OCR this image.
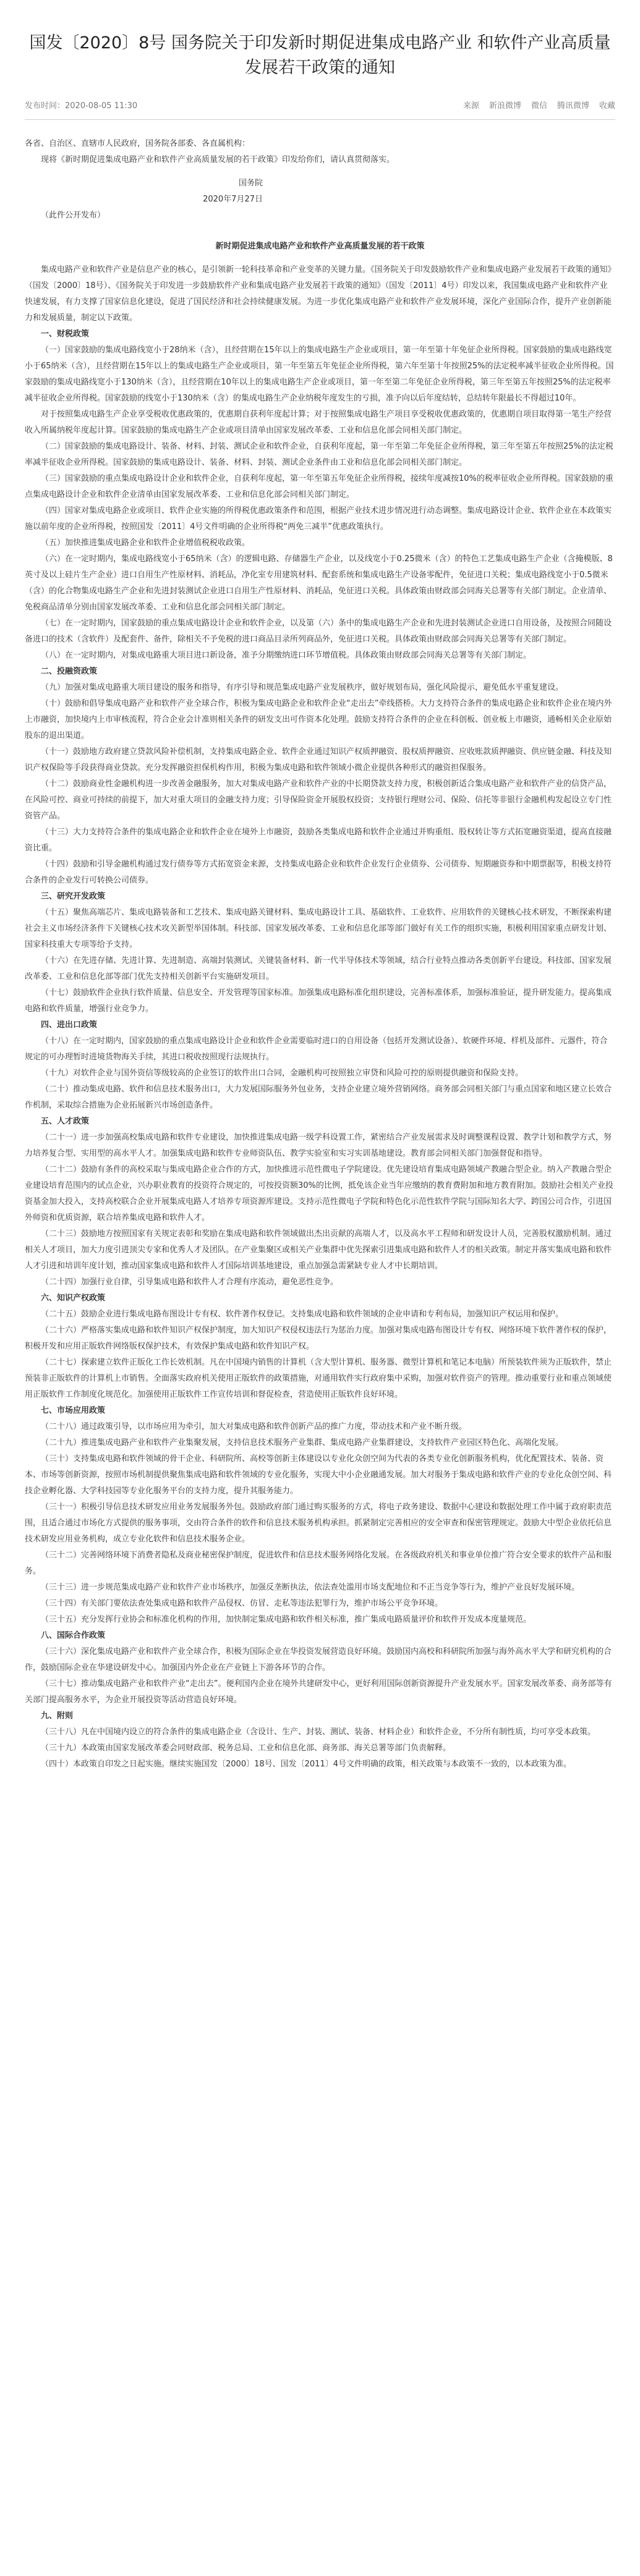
国发〔2020〕8号 国务院关于印发新时期促进集成电路产业 和软件产业高质量发展若干政策的通知
发布时间：2020-08-05 11:30	来源 新浪微博 微信 腾讯微博 收藏

各省、自治区、直辖市人民政府，国务院各部委、各直属机构：

现将《新时期促进集成电路产业和软件产业高质量发展的若干政策》印发给你们，请认真贯彻落实。

国务院

2020年7月27日

（此件公开发布）

新时期促进集成电路产业和软件产业高质量发展的若干政策

集成电路产业和软件产业是信息产业的核心，是引领新一轮科技革命和产业变革的关键力量。《国务院关于印发鼓励软件产业和集成电路产业发展若干政策的通知》（国发〔2000〕18号）、《国务院关于印发进一步鼓励软件产业和集成电路产业发展若干政策的通知》（国发〔2011〕4号）印发以来，我国集成电路产业和软件产业快速发展，有力支撑了国家信息化建设，促进了国民经济和社会持续健康发展。为进一步优化集成电路产业和软件产业发展环境，深化产业国际合作，提升产业创新能力和发展质量，制定以下政策。

一、财税政策

（一）国家鼓励的集成电路线宽小于28纳米（含），且经营期在15年以上的集成电路生产企业或项目，第一年至第十年免征企业所得税。国家鼓励的集成电路线宽小于65纳米（含），且经营期在15年以上的集成电路生产企业或项目，第一年至第五年免征企业所得税，第六年至第十年按照25%的法定税率减半征收企业所得税。国家鼓励的集成电路线宽小于130纳米（含），且经营期在10年以上的集成电路生产企业或项目，第一年至第二年免征企业所得税，第三年至第五年按照25%的法定税率减半征收企业所得税。国家鼓励的线宽小于130纳米（含）的集成电路生产企业纳税年度发生的亏损，准予向以后年度结转，总结转年限最长不得超过10年。

对于按照集成电路生产企业享受税收优惠政策的，优惠期自获利年度起计算；对于按照集成电路生产项目享受税收优惠政策的，优惠期自项目取得第一笔生产经营收入所属纳税年度起计算。国家鼓励的集成电路生产企业或项目清单由国家发展改革委、工业和信息化部会同相关部门制定。

（二）国家鼓励的集成电路设计、装备、材料、封装、测试企业和软件企业，自获利年度起，第一年至第二年免征企业所得税，第三年至第五年按照25%的法定税率减半征收企业所得税。国家鼓励的集成电路设计、装备、材料、封装、测试企业条件由工业和信息化部会同相关部门制定。

（三）国家鼓励的重点集成电路设计企业和软件企业，自获利年度起，第一年至第五年免征企业所得税，接续年度减按10%的税率征收企业所得税。国家鼓励的重点集成电路设计企业和软件企业清单由国家发展改革委、工业和信息化部会同相关部门制定。

（四）国家对集成电路企业或项目、软件企业实施的所得税优惠政策条件和范围，根据产业技术进步情况进行动态调整。集成电路设计企业、软件企业在本政策实施以前年度的企业所得税，按照国发〔2011〕4号文件明确的企业所得税“两免三减半”优惠政策执行。

（五）加快推进集成电路企业和软件企业增值税税收政策。

（六）在一定时期内，集成电路线宽小于65纳米（含）的逻辑电路、存储器生产企业，以及线宽小于0.25微米（含）的特色工艺集成电路生产企业（含掩模版、8英寸及以上硅片生产企业）进口自用生产性原材料、消耗品，净化室专用建筑材料、配套系统和集成电路生产设备零配件，免征进口关税；集成电路线宽小于0.5微米（含）的化合物集成电路生产企业和先进封装测试企业进口自用生产性原材料、消耗品，免征进口关税。具体政策由财政部会同海关总署等有关部门制定。企业清单、免税商品清单分别由国家发展改革委、工业和信息化部会同相关部门制定。

（七）在一定时期内，国家鼓励的重点集成电路设计企业和软件企业，以及第（六）条中的集成电路生产企业和先进封装测试企业进口自用设备，及按照合同随设备进口的技术（含软件）及配套件、备件，除相关不予免税的进口商品目录所列商品外，免征进口关税。具体政策由财政部会同海关总署等有关部门制定。

（八）在一定时期内，对集成电路重大项目进口新设备，准予分期缴纳进口环节增值税。具体政策由财政部会同海关总署等有关部门制定。

二、投融资政策

（九）加强对集成电路重大项目建设的服务和指导，有序引导和规范集成电路产业发展秩序，做好规划布局，强化风险提示，避免低水平重复建设。

（十）鼓励和倡导集成电路产业和软件产业全球合作，积极为集成电路企业和软件企业“走出去”牵线搭桥。大力支持符合条件的集成电路企业和软件企业在境内外上市融资，加快境内上市审核流程，符合企业会计准则相关条件的研发支出可作资本化处理。鼓励支持符合条件的企业在科创板、创业板上市融资，通畅相关企业原始股东的退出渠道。

（十一）鼓励地方政府建立贷款风险补偿机制，支持集成电路企业、软件企业通过知识产权质押融资、股权质押融资、应收账款质押融资、供应链金融、科技及知识产权保险等手段获得商业贷款。充分发挥融资担保机构作用，积极为集成电路和软件领域小微企业提供各种形式的融资担保服务。

（十二）鼓励商业性金融机构进一步改善金融服务，加大对集成电路产业和软件产业的中长期贷款支持力度，积极创新适合集成电路产业和软件产业的信贷产品，在风险可控、商业可持续的前提下，加大对重大项目的金融支持力度；引导保险资金开展股权投资；支持银行理财公司、保险、信托等非银行金融机构发起设立专门性资管产品。

（十三）大力支持符合条件的集成电路企业和软件企业在境外上市融资，鼓励各类集成电路和软件企业通过并购重组、股权转让等方式拓宽融资渠道，提高直接融资比重。

（十四）鼓励和引导金融机构通过发行债券等方式拓宽资金来源，支持集成电路企业和软件企业发行企业债券、公司债券、短期融资券和中期票据等，积极支持符合条件的企业发行可转换公司债券。

三、研究开发政策

（十五）聚焦高端芯片、集成电路装备和工艺技术、集成电路关键材料、集成电路设计工具、基础软件、工业软件、应用软件的关键核心技术研发，不断探索构建社会主义市场经济条件下关键核心技术攻关新型举国体制。科技部、国家发展改革委、工业和信息化部等部门做好有关工作的组织实施，积极利用国家重点研发计划、国家科技重大专项等给予支持。

（十六）在先进存储、先进计算、先进制造、高端封装测试、关键装备材料、新一代半导体技术等领域，结合行业特点推动各类创新平台建设。科技部、国家发展改革委、工业和信息化部等部门优先支持相关创新平台实施研发项目。

（十七）鼓励软件企业执行软件质量、信息安全、开发管理等国家标准。加强集成电路标准化组织建设，完善标准体系，加强标准验证，提升研发能力。提高集成电路和软件质量，增强行业竞争力。

四、进出口政策

（十八）在一定时期内，国家鼓励的重点集成电路设计企业和软件企业需要临时进口的自用设备（包括开发测试设备）、软硬件环境、样机及部件、元器件，符合规定的可办理暂时进境货物海关手续，其进口税收按照现行法规执行。

（十九）对软件企业与国外资信等级较高的企业签订的软件出口合同，金融机构可按照独立审贷和风险可控的原则提供融资和保险支持。

（二十）推动集成电路、软件和信息技术服务出口，大力发展国际服务外包业务，支持企业建立境外营销网络。商务部会同相关部门与重点国家和地区建立长效合作机制，采取综合措施为企业拓展新兴市场创造条件。

五、人才政策

（二十一）进一步加强高校集成电路和软件专业建设，加快推进集成电路一级学科设置工作，紧密结合产业发展需求及时调整课程设置、教学计划和教学方式，努力培养复合型、实用型的高水平人才。加强集成电路和软件专业师资队伍、教学实验室和实习实训基地建设。教育部会同相关部门加强督促和指导。

（二十二）鼓励有条件的高校采取与集成电路企业合作的方式，加快推进示范性微电子学院建设。优先建设培育集成电路领域产教融合型企业。纳入产教融合型企业建设培育范围内的试点企业，兴办职业教育的投资符合规定的，可按投资额30%的比例，抵免该企业当年应缴纳的教育费附加和地方教育附加。鼓励社会相关产业投资基金加大投入，支持高校联合企业开展集成电路人才培养专项资源库建设。支持示范性微电子学院和特色化示范性软件学院与国际知名大学、跨国公司合作，引进国外师资和优质资源，联合培养集成电路和软件人才。

（二十三）鼓励地方按照国家有关规定表彰和奖励在集成电路和软件领域做出杰出贡献的高端人才，以及高水平工程师和研发设计人员，完善股权激励机制。通过相关人才项目，加大力度引进顶尖专家和优秀人才及团队。在产业集聚区或相关产业集群中优先探索引进集成电路和软件人才的相关政策。制定并落实集成电路和软件人才引进和培训年度计划，推动国家集成电路和软件人才国际培训基地建设，重点加强急需紧缺专业人才中长期培训。

（二十四）加强行业自律，引导集成电路和软件人才合理有序流动，避免恶性竞争。

六、知识产权政策

（二十五）鼓励企业进行集成电路布图设计专有权、软件著作权登记。支持集成电路和软件领域的企业申请和专利布局，加强知识产权运用和保护。

（二十六）严格落实集成电路和软件知识产权保护制度，加大知识产权侵权违法行为惩治力度。加强对集成电路布图设计专有权、网络环境下软件著作权的保护，积极开发和应用正版软件网络版权保护技术，有效保护集成电路和软件知识产权。

（二十七）探索建立软件正版化工作长效机制。凡在中国境内销售的计算机（含大型计算机、服务器、微型计算机和笔记本电脑）所预装软件须为正版软件，禁止预装非正版软件的计算机上市销售。全面落实政府机关使用正版软件的政策措施，对通用软件实行政府集中采购，加强对软件资产的管理。推动重要行业和重点领域使用正版软件工作制度化规范化。加强使用正版软件工作宣传培训和督促检查，营造使用正版软件良好环境。

七、市场应用政策

（二十八）通过政策引导，以市场应用为牵引，加大对集成电路和软件创新产品的推广力度，带动技术和产业不断升级。

（二十九）推进集成电路产业和软件产业集聚发展，支持信息技术服务产业集群、集成电路产业集群建设，支持软件产业园区特色化、高端化发展。

（三十）支持集成电路和软件领域的骨干企业、科研院所、高校等创新主体建设以专业化众创空间为代表的各类专业化创新服务机构，优化配置技术、装备、资本、市场等创新资源，按照市场机制提供聚焦集成电路和软件领域的专业化服务，实现大中小企业融通发展。加大对服务于集成电路和软件产业的专业化众创空间、科技企业孵化器、大学科技园等专业化服务平台的支持力度，提升其服务能力。

（三十一）积极引导信息技术研发应用业务发展服务外包。鼓励政府部门通过购买服务的方式，将电子政务建设、数据中心建设和数据处理工作中属于政府职责范围，且适合通过市场化方式提供的服务事项，交由符合条件的软件和信息技术服务机构承担。抓紧制定完善相应的安全审查和保密管理规定。鼓励大中型企业依托信息技术研发应用业务机构，成立专业化软件和信息技术服务企业。

（三十二）完善网络环境下消费者隐私及商业秘密保护制度，促进软件和信息技术服务网络化发展。在各级政府机关和事业单位推广符合安全要求的软件产品和服务。

（三十三）进一步规范集成电路产业和软件产业市场秩序，加强反垄断执法，依法查处滥用市场支配地位和不正当竞争等行为，维护产业良好发展环境。

（三十四）有关部门要依法查处集成电路和软件产品侵权、仿冒、走私等违法犯罪行为，维护市场公平竞争环境。

（三十五）充分发挥行业协会和标准化机构的作用，加快制定集成电路和软件相关标准，推广集成电路质量评价和软件开发成本度量规范。

八、国际合作政策

（三十六）深化集成电路产业和软件产业全球合作，积极为国际企业在华投资发展营造良好环境。鼓励国内高校和科研院所加强与海外高水平大学和研究机构的合作，鼓励国际企业在华建设研发中心。加强国内外企业在产业链上下游各环节的合作。

（三十七）推动集成电路产业和软件产业“走出去”。便利国内企业在境外共建研发中心，更好利用国际创新资源提升产业发展水平。国家发展改革委、商务部等有关部门提高服务水平，为企业开展投资等活动营造良好环境。

九、附则

（三十八）凡在中国境内设立的符合条件的集成电路企业（含设计、生产、封装、测试、装备、材料企业）和软件企业，不分所有制性质，均可享受本政策。

（三十九）本政策由国家发展改革委会同财政部、税务总局、工业和信息化部、商务部、海关总署等部门负责解释。

（四十）本政策自印发之日起实施。继续实施国发〔2000〕18号、国发〔2011〕4号文件明确的政策，相关政策与本政策不一致的，以本政策为准。
